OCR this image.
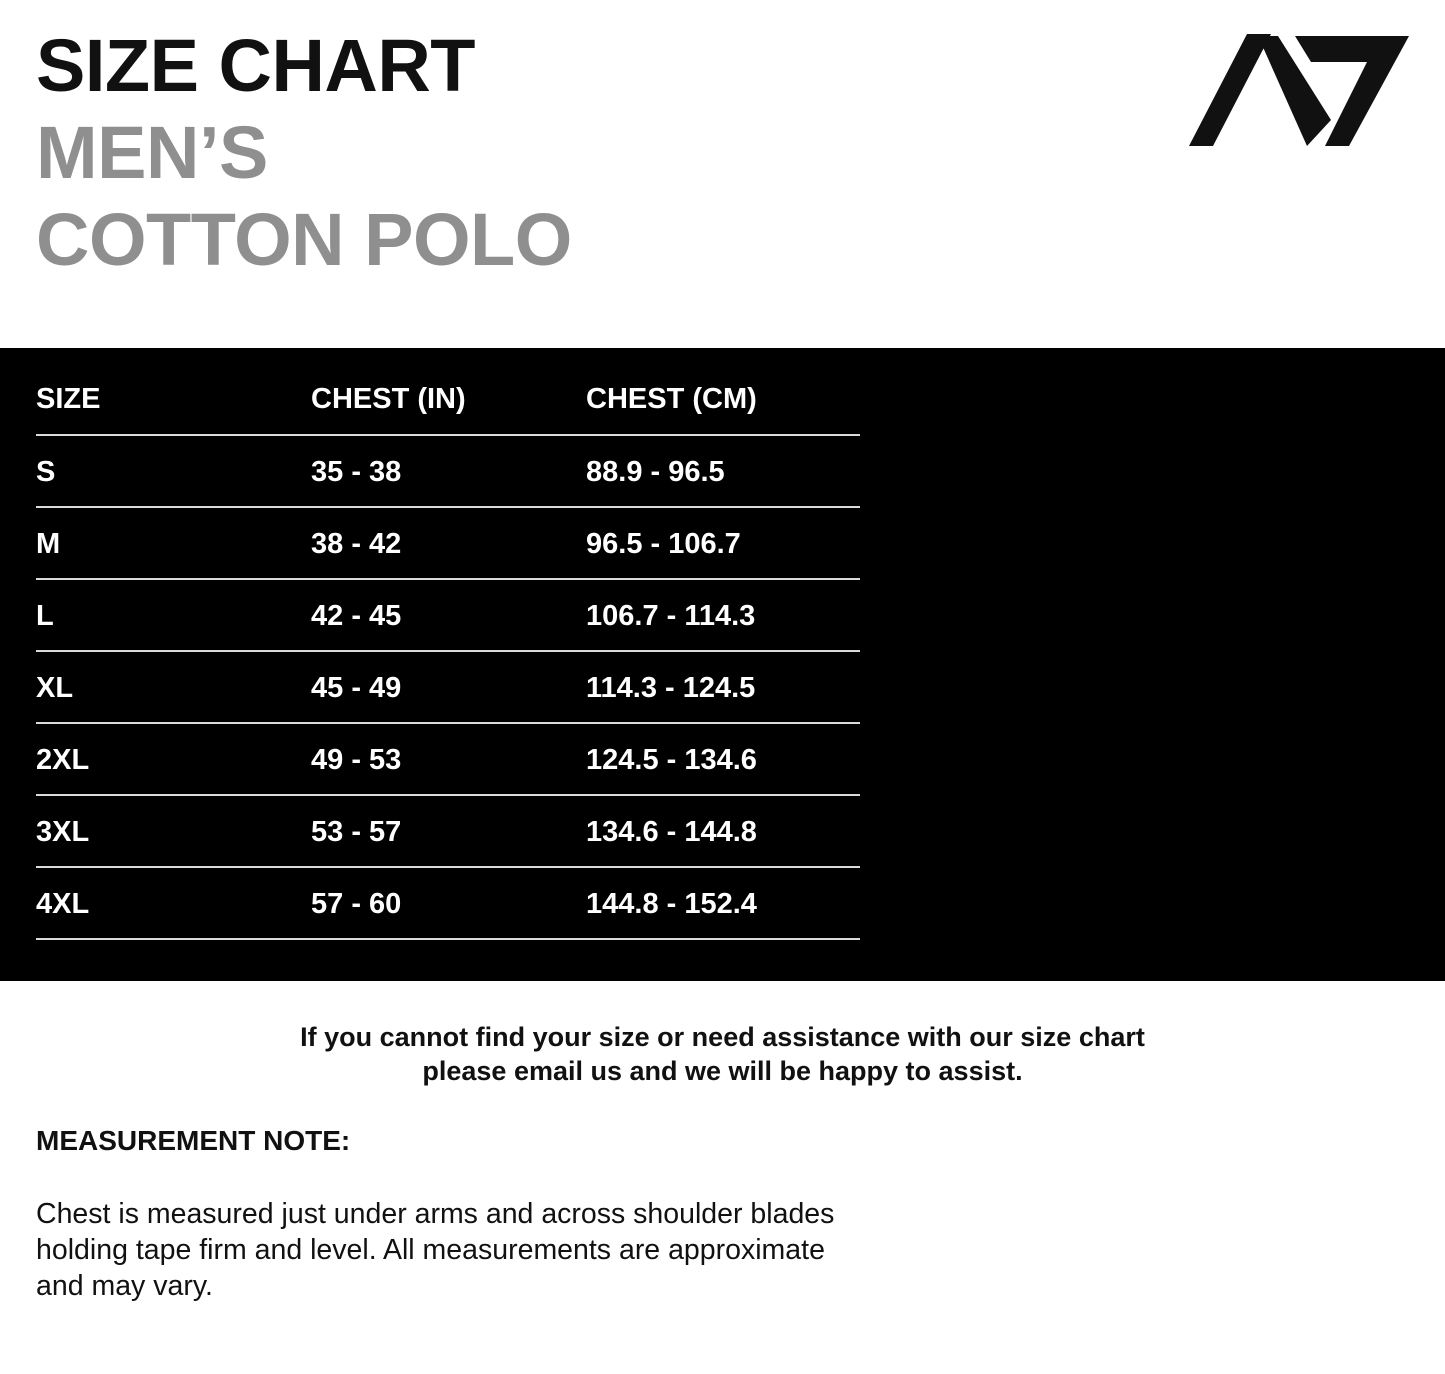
SIZE CHART
MEN’S
COTTON POLO
SIZE	CHEST (IN)	CHEST (CM)
S	35 - 38	88.9 - 96.5
M	38 - 42	96.5 - 106.7
L	42 - 45	106.7 - 114.3
XL	45 - 49	114.3 - 124.5
2XL	49 - 53	124.5 - 134.6
3XL	53 - 57	134.6 - 144.8
4XL	57 - 60	144.8 - 152.4
If you cannot find your size or need assistance with our size chart
please email us and we will be happy to assist.
MEASUREMENT NOTE:
Chest is measured just under arms and across shoulder blades
holding tape firm and level. All measurements are approximate
and may vary.
